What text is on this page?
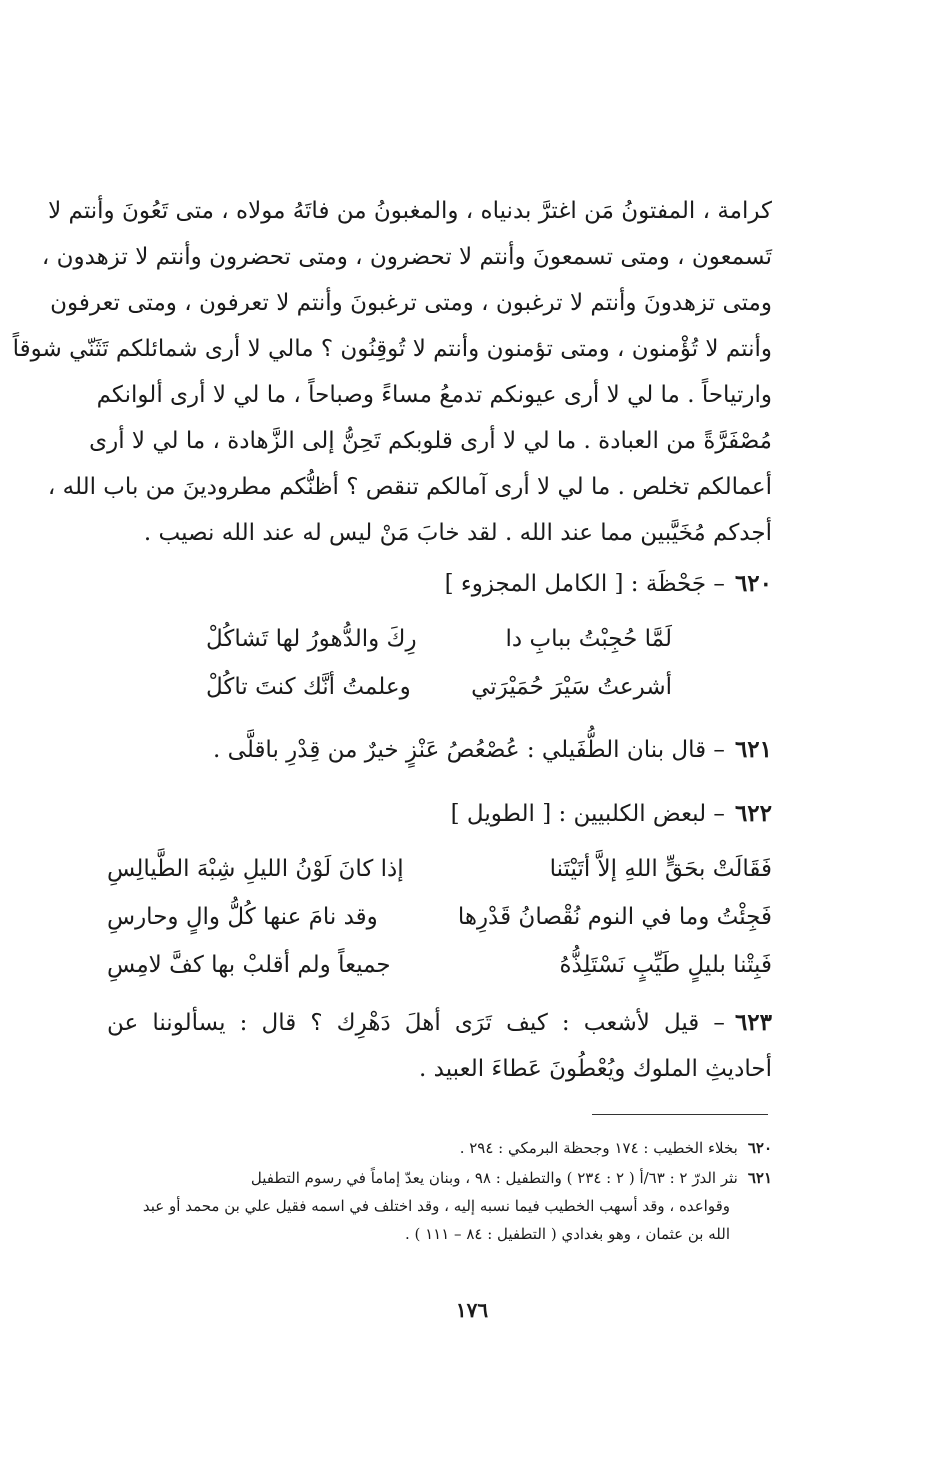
كرامة ، المفتونُ مَن اغترَّ بدنياه ، والمغبونُ من فاتَهُ مولاه ، متى تَعُونَ وأنتم لا
تَسمعون ، ومتى تسمعونَ وأنتم لا تحضرون ، ومتى تحضرون وأنتم لا تزهدون ،
ومتى تزهدونَ وأنتم لا ترغبون ، ومتى ترغبونَ وأنتم لا تعرفون ، ومتى تعرفون
وأنتم لا تُؤْمنون ، ومتى تؤمنون وأنتم لا تُوقِنُون ؟ مالي لا أرى شمائلكم تَثَنّي شوقاً
وارتياحاً . ما لي لا أرى عيونكم تدمعُ مساءً وصباحاً ، ما لي لا أرى ألوانكم
مُصْفَرَّةً من العبادة . ما لي لا أرى قلوبكم تَحِنُّ إلى الزَّهادة ، ما لي لا أرى
أعمالكم تخلص . ما لي لا أرى آمالكم تنقص ؟ أظنُّكم مطرودينَ من باب الله ،
أجدكم مُخَيَّبين مما عند الله . لقد خابَ مَنْ ليس له عند الله نصيب .
٦٢٠– جَحْظَة : [ الكامل المجزوء ]
لَمَّا حُجِبْتُ ببابِ دا
رِكَ والدُّهورُ لها تَشاكُلْ
أشرعتُ سَيْرَ حُمَيْرَتي
وعلمتُ أنَّك كنتَ تاكُلْ
٦٢١– قال بنان الطُّفَيلي : عُصْعُصُ عَنْزٍ خيرٌ من قِدْرِ باقلَّى .
٦٢٢– لبعض الكلبيين : [ الطويل ]
فَقَالَتْ بحَقٍّ اللهِ إلاَّ أتَيْتَنا
إذا كانَ لَوْنُ الليلِ شِبْهَ الطَّيالِسِ
فَجِئْتُ وما في النوم نُقْصانُ قَدْرِها
وقد نامَ عنها كُلُّ والٍ وحارسِ
فَبِتْنا بليلٍ طَيِّبٍ نَسْتَلِذُّهُ
جميعاً ولم أقلبْ بها كفَّ لامِسِ
٦٢٣– قيل لأشعب : كيف تَرَى أهلَ دَهْرِك ؟ قال : يسألوننا عن
أحاديثِ الملوك ويُعْطُونَ عَطاءَ العبيد .
٦٢٠بخلاء الخطيب : ١٧٤ وجحظة البرمكي : ٢٩٤ .
٦٢١نثر الدرّ ٢ : ٦٣/أ ( ٢ : ٢٣٤ ) والتطفيل : ٩٨ ، وبنان يعدّ إماماً في رسوم التطفيل
وقواعده ، وقد أسهب الخطيب فيما نسبه إليه ، وقد اختلف في اسمه فقيل علي بن محمد أو عبد
الله بن عثمان ، وهو بغدادي ( التطفيل : ٨٤ – ١١١ ) .
١٧٦
